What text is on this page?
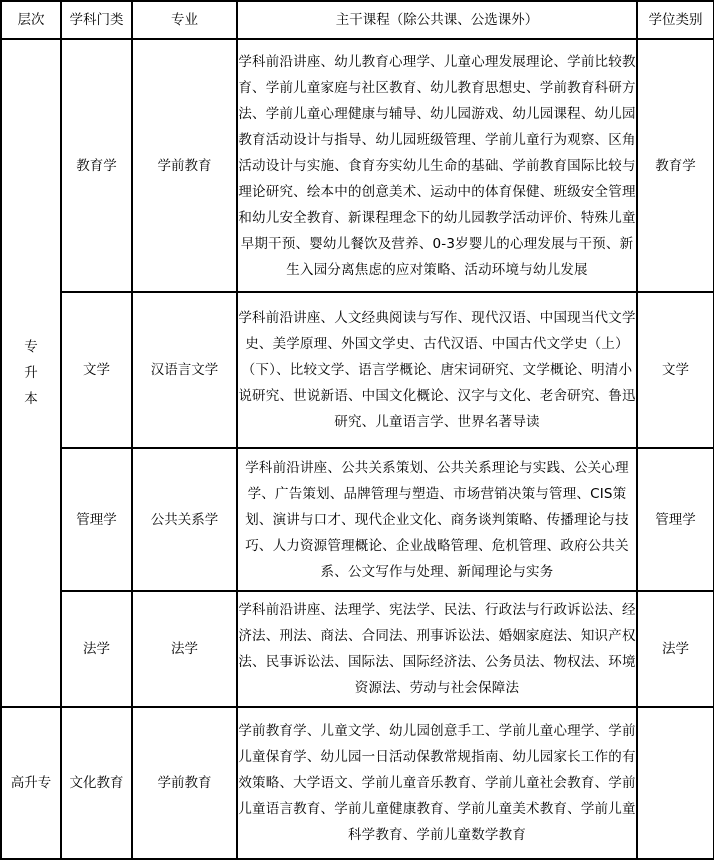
层次	学科门类	专业	主干课程（除公共课、公选课外）	学位类别
专升本	教育学	学前教育	学科前沿讲座、幼儿教育心理学、儿童心理发展理论、学前比较教育、学前儿童家庭与社区教育、幼儿教育思想史、学前教育科研方法、学前儿童心理健康与辅导、幼儿园游戏、幼儿园课程、幼儿园教育活动设计与指导、幼儿园班级管理、学前儿童行为观察、区角活动设计与实施、食育夯实幼儿生命的基础、学前教育国际比较与理论研究、绘本中的创意美术、运动中的体育保健、班级安全管理和幼儿安全教育、新课程理念下的幼儿园教学活动评价、特殊儿童早期干预、婴幼儿餐饮及营养、0-3岁婴儿的心理发展与干预、新生入园分离焦虑的应对策略、活动环境与幼儿发展	教育学
	文学	汉语言文学	学科前沿讲座、人文经典阅读与写作、现代汉语、中国现当代文学史、美学原理、外国文学史、古代汉语、中国古代文学史（上）（下）、比较文学、语言学概论、唐宋词研究、文学概论、明清小说研究、世说新语、中国文化概论、汉字与文化、老舍研究、鲁迅研究、儿童语言学、世界名著导读	文学
	管理学	公共关系学	学科前沿讲座、公共关系策划、公共关系理论与实践、公关心理学、广告策划、品牌管理与塑造、市场营销决策与管理、CIS策划、演讲与口才、现代企业文化、商务谈判策略、传播理论与技巧、人力资源管理概论、企业战略管理、危机管理、政府公共关系、公文写作与处理、新闻理论与实务	管理学
	法学	法学	学科前沿讲座、法理学、宪法学、民法、行政法与行政诉讼法、经济法、刑法、商法、合同法、刑事诉讼法、婚姻家庭法、知识产权法、民事诉讼法、国际法、国际经济法、公务员法、物权法、环境资源法、劳动与社会保障法	法学
高升专	文化教育	学前教育	学前教育学、儿童文学、幼儿园创意手工、学前儿童心理学、学前儿童保育学、幼儿园一日活动保教常规指南、幼儿园家长工作的有效策略、大学语文、学前儿童音乐教育、学前儿童社会教育、学前儿童语言教育、学前儿童健康教育、学前儿童美术教育、学前儿童科学教育、学前儿童数学教育	
